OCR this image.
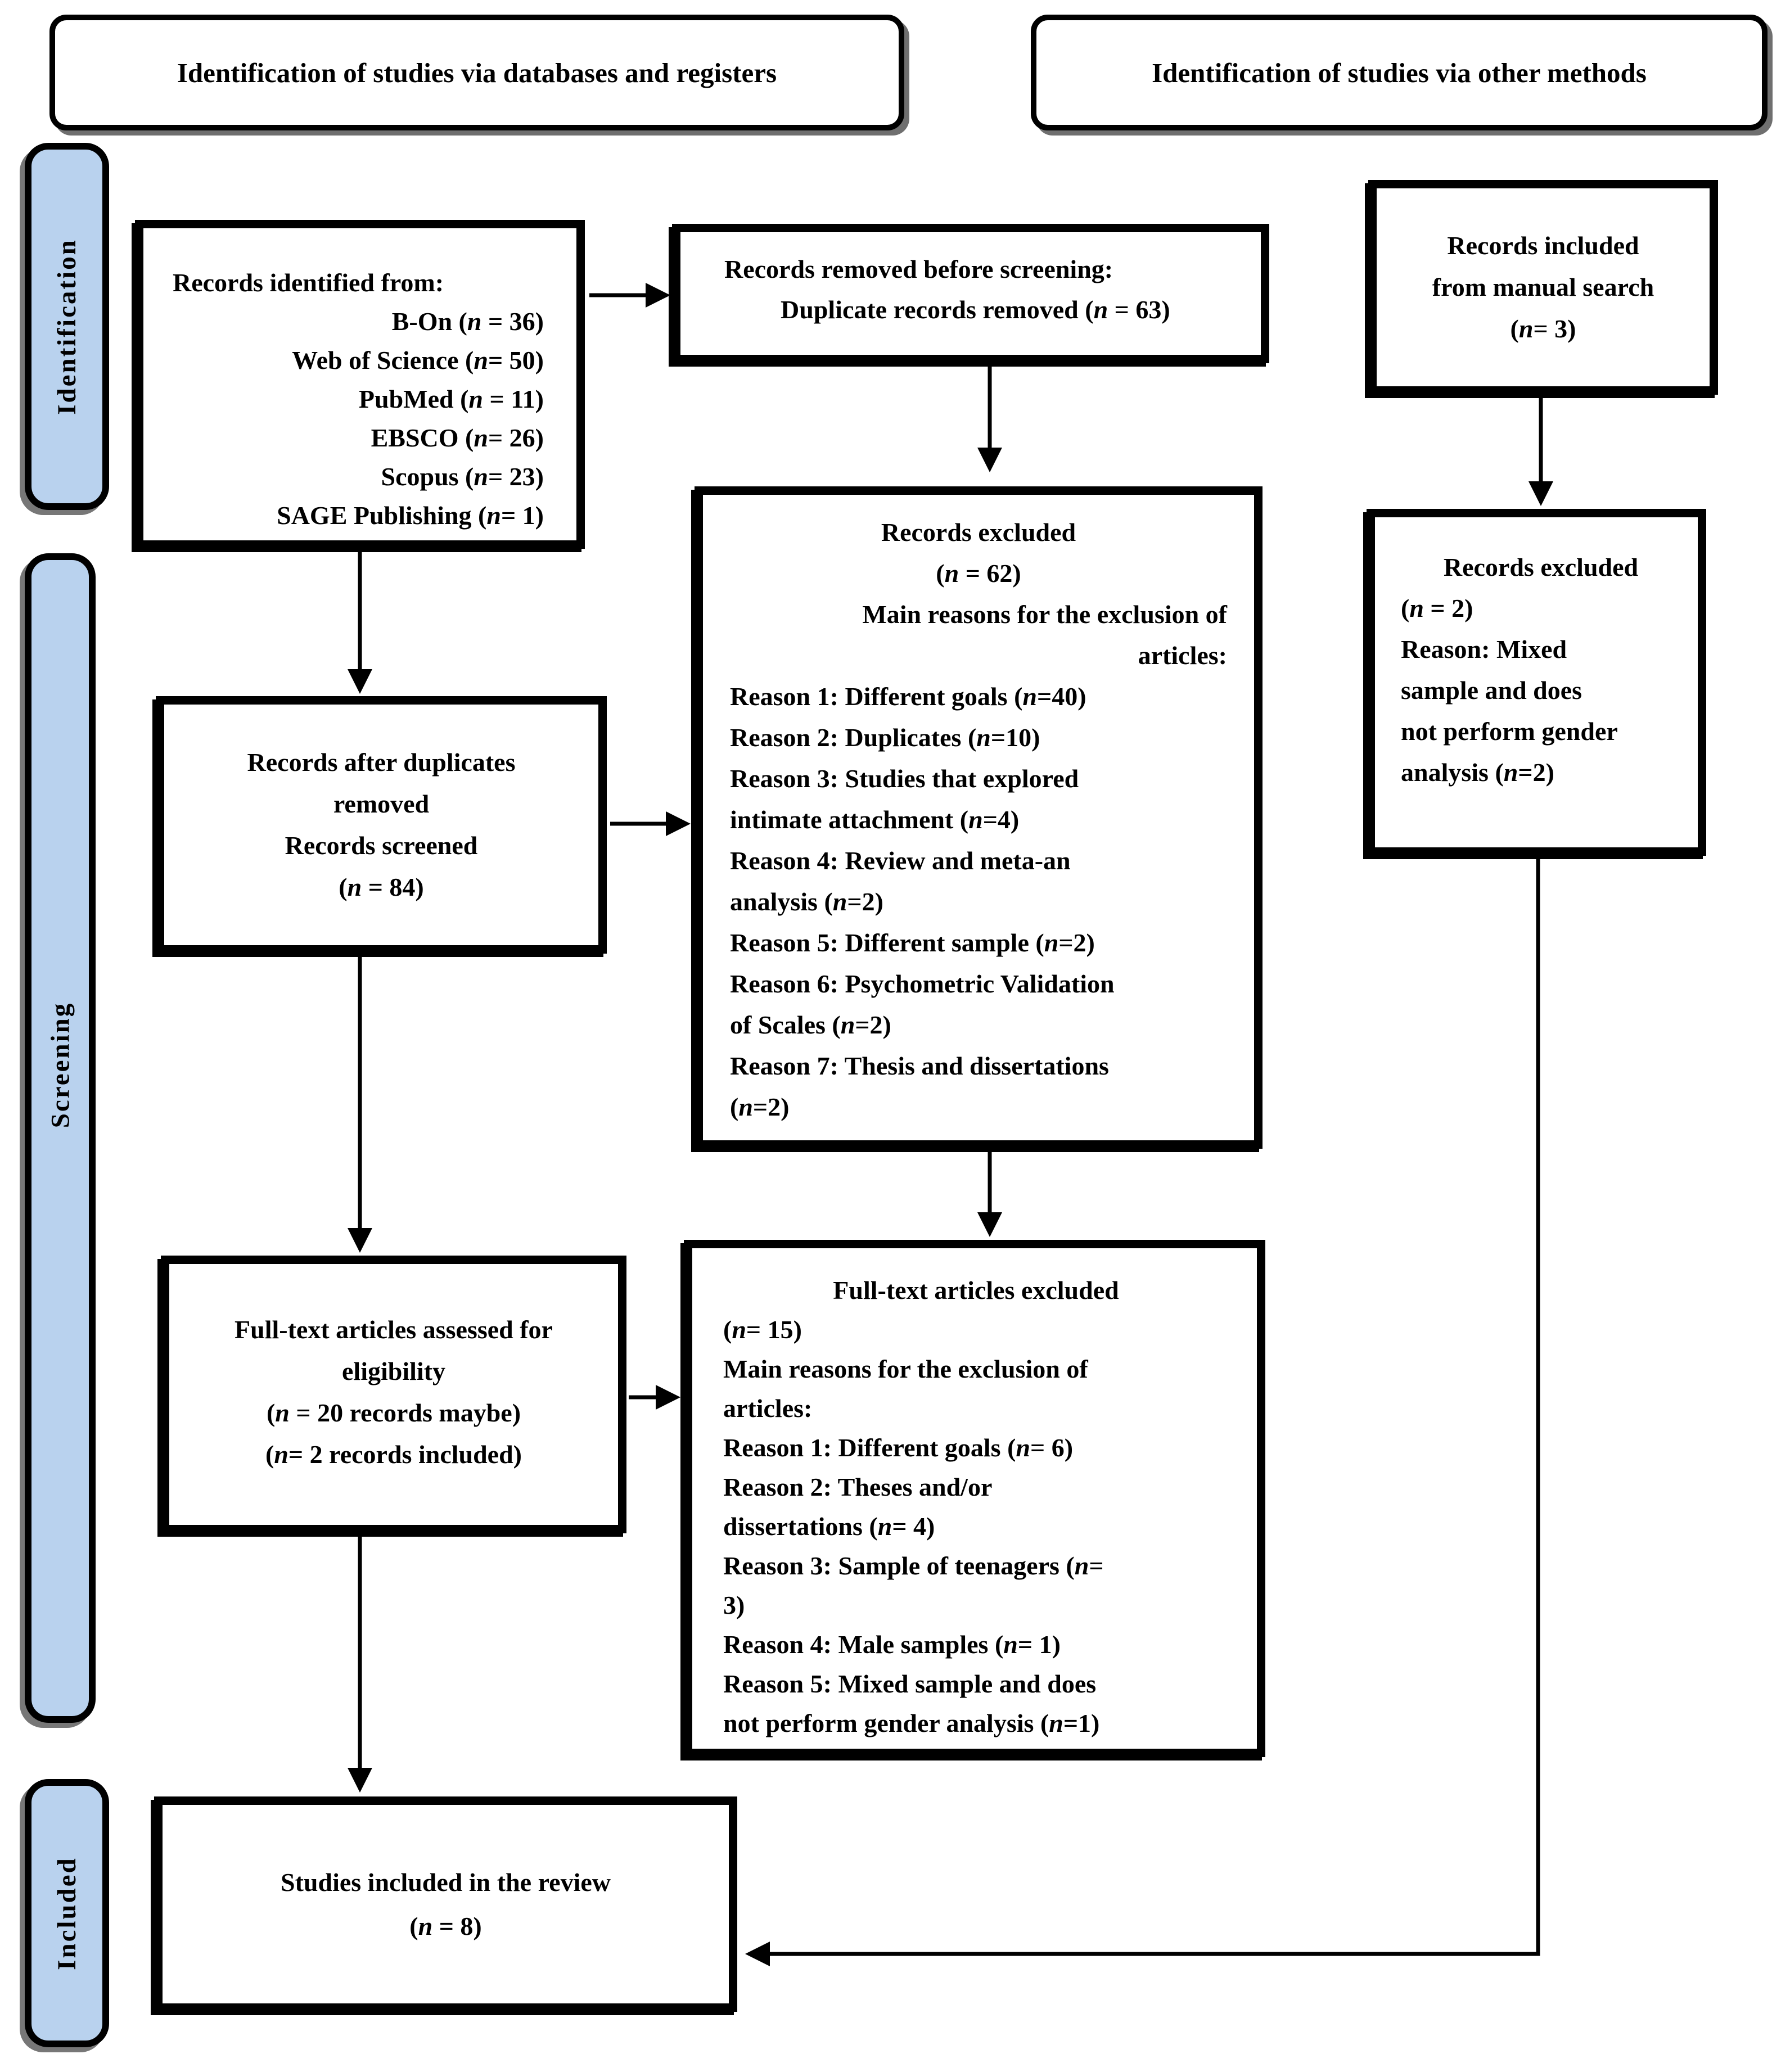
Identification of studies via databases and registers	Identification of studies via other methods
Identification
Screening
Included
Records identified from:
B-On (n = 36)
Web of Science (n= 50)
PubMed (n = 11)
EBSCO (n= 26)
Scopus (n= 23)
SAGE Publishing (n= 1)
Records removed before screening:
Duplicate records removed (n = 63)
Records included
from manual search
(n= 3)
Records excluded
(n = 62)
Main reasons for the exclusion of
articles:
Reason 1: Different goals (n=40)
Reason 2: Duplicates (n=10)
Reason 3: Studies that explored
intimate attachment (n=4)
Reason 4: Review and meta-an
analysis (n=2)
Reason 5: Different sample (n=2)
Reason 6: Psychometric Validation
of Scales (n=2)
Reason 7: Thesis and dissertations
(n=2)
Records excluded
(n = 2)
Reason: Mixed
sample and does
not perform gender
analysis (n=2)
Records after duplicates
removed
Records screened
(n = 84)
Full-text articles assessed for
eligibility
(n = 20 records maybe)
(n= 2 records included)
Full-text articles excluded
(n= 15)
Main reasons for the exclusion of
articles:
Reason 1: Different goals (n= 6)
Reason 2: Theses and/or
dissertations (n= 4)
Reason 3: Sample of teenagers (n=
3)
Reason 4: Male samples (n= 1)
Reason 5: Mixed sample and does
not perform gender analysis (n=1)
Studies included in the review
(n = 8)
